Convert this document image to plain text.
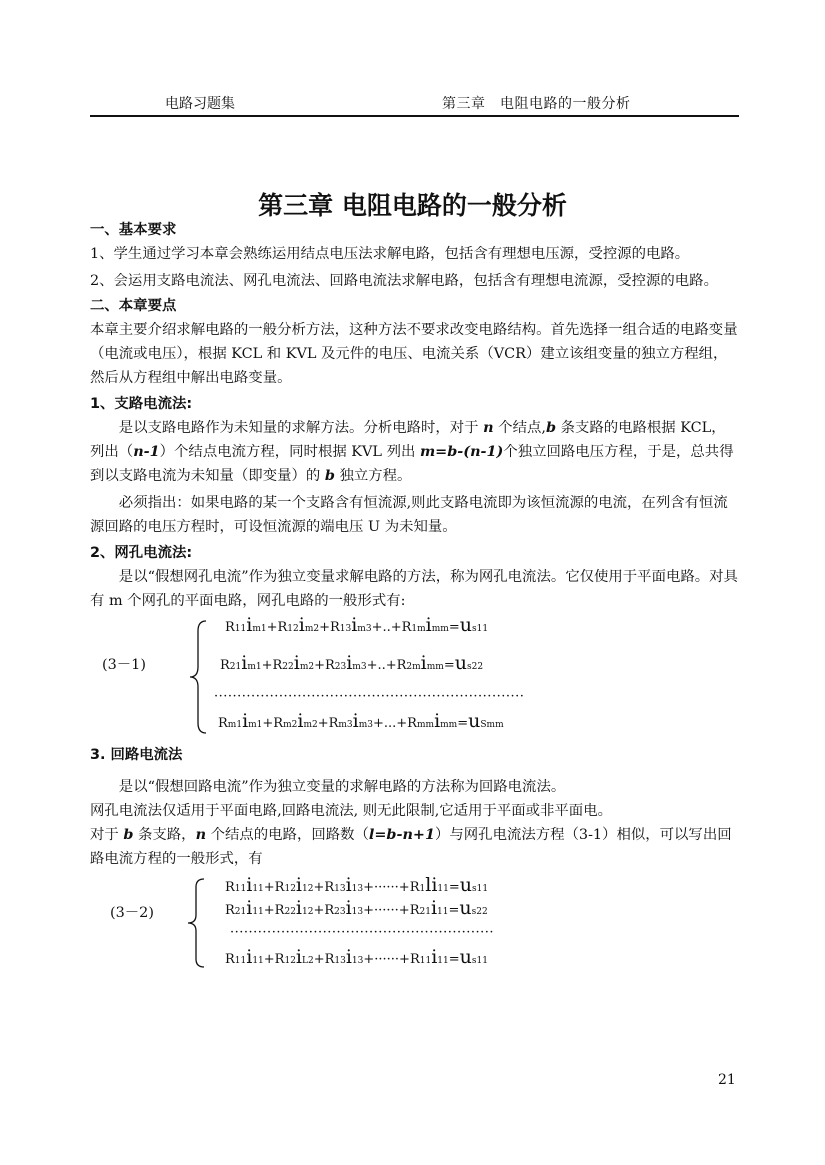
电路习题集	第三章　电阻电路的一般分析
第三章 电阻电路的一般分析

一、基本要求

1、学生通过学习本章会熟练运用结点电压法求解电路，包括含有理想电压源，受控源的电路。

2、会运用支路电流法、网孔电流法、回路电流法求解电路，包括含有理想电流源，受控源的电路。

二、本章要点

本章主要介绍求解电路的一般分析方法，这种方法不要求改变电路结构。首先选择一组合适的电路变量（电流或电压），根据 KCL 和 KVL 及元件的电压、电流关系（VCR）建立该组变量的独立方程组，然后从方程组中解出电路变量。

1、支路电流法:

是以支路电路作为未知量的求解方法。分析电路时，对于 n 个结点,b 条支路的电路根据 KCL，列出（n-1）个结点电流方程，同时根据 KVL 列出 m=b-(n-1)个独立回路电压方程，于是，总共得到以支路电流为未知量（即变量）的 b 独立方程。

必须指出：如果电路的某一个支路含有恒流源,则此支路电流即为该恒流源的电流，在列含有恒流源回路的电压方程时，可设恒流源的端电压 U 为未知量。

2、网孔电流法:

是以“假想网孔电流”作为独立变量求解电路的方法，称为网孔电流法。它仅使用于平面电路。对具有 m 个网孔的平面电路，网孔电路的一般形式有:

(3－1)
R11im1+R12im2+R13im3+..+R1mimm=us11
R21im1+R22im2+R23im3+..+R2mimm=us22
···································································
Rm1im1+Rm2im2+Rm3im3+...+Rmmimm=uSmm

3. 回路电流法

是以“假想回路电流”作为独立变量的求解电路的方法称为回路电流法。

网孔电流法仅适用于平面电路,回路电流法, 则无此限制,它适用于平面或非平面电。

对于 b 条支路，n 个结点的电路，回路数（l=b-n+1）与网孔电流法方程（3-1）相似，可以写出回路电流方程的一般形式，有

(3－2)
R11i11+R12i12+R13i13+······+R1li11=us11
R21i11+R22i12+R23i13+······+R21i11=us22
·························································
R11i11+R12iL2+R13i13+······+R11i11=us11
21
